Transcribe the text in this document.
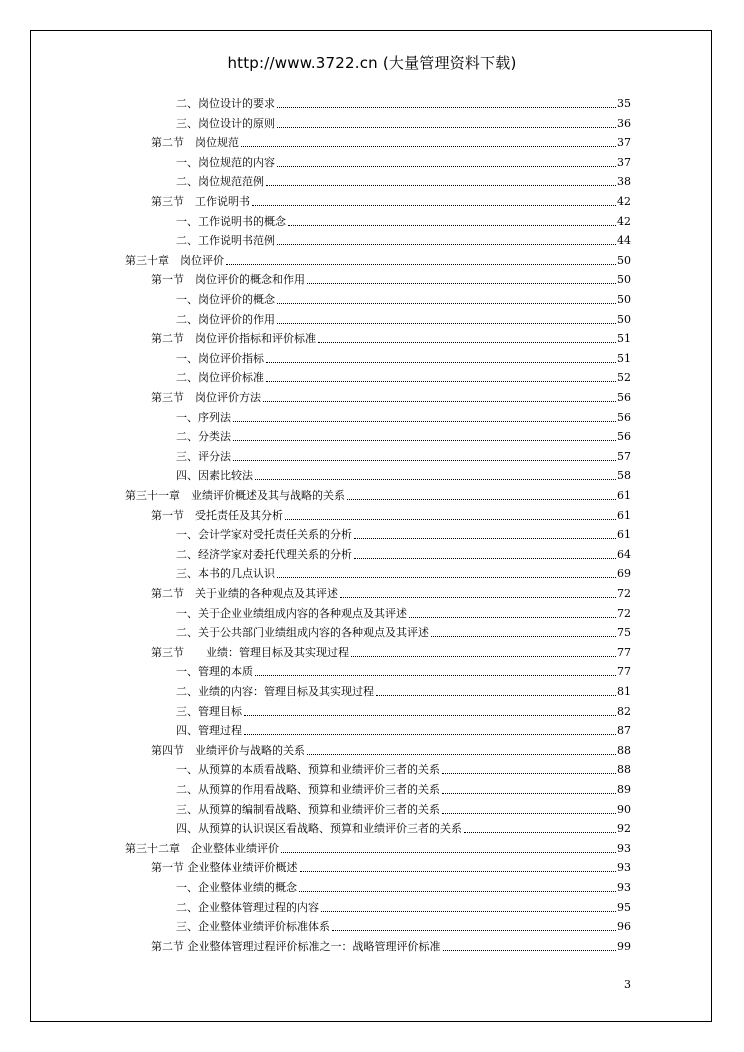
http://www.3722.cn (大量管理资料下载)
二、岗位设计的要求	35
三、岗位设计的原则	36
第二节　岗位规范	37
一、岗位规范的内容	37
二、岗位规范范例	38
第三节　工作说明书	42
一、工作说明书的概念	42
二、工作说明书范例	44
第三十章　岗位评价	50
第一节　岗位评价的概念和作用	50
一、岗位评价的概念	50
二、岗位评价的作用	50
第二节　岗位评价指标和评价标准	51
一、岗位评价指标	51
二、岗位评价标准	52
第三节　岗位评价方法	56
一、序列法	56
二、分类法	56
三、评分法	57
四、因素比较法	58
第三十一章　业绩评价概述及其与战略的关系	61
第一节　受托责任及其分析	61
一、会计学家对受托责任关系的分析	61
二、经济学家对委托代理关系的分析	64
三、本书的几点认识	69
第二节　关于业绩的各种观点及其评述	72
一、关于企业业绩组成内容的各种观点及其评述	72
二、关于公共部门业绩组成内容的各种观点及其评述	75
第三节　　业绩：管理目标及其实现过程	77
一、管理的本质	77
二、业绩的内容：管理目标及其实现过程	81
三、管理目标	82
四、管理过程	87
第四节　业绩评价与战略的关系	88
一、从预算的本质看战略、预算和业绩评价三者的关系	88
二、从预算的作用看战略、预算和业绩评价三者的关系	89
三、从预算的编制看战略、预算和业绩评价三者的关系	90
四、从预算的认识误区看战略、预算和业绩评价三者的关系	92
第三十二章　企业整体业绩评价	93
第一节 企业整体业绩评价概述	93
一、企业整体业绩的概念	93
二、企业整体管理过程的内容	95
三、企业整体业绩评价标准体系	96
第二节 企业整体管理过程评价标准之一：战略管理评价标准	99
3
